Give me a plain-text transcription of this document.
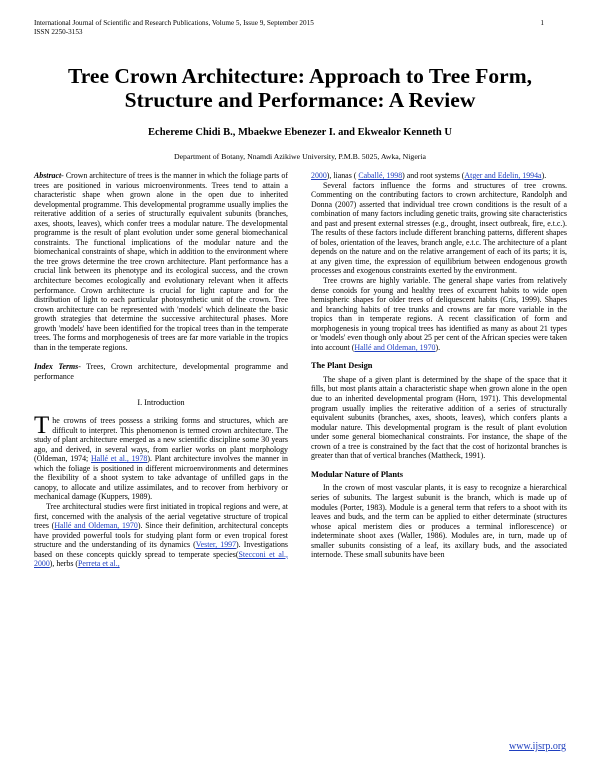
International Journal of Scientific and Research Publications, Volume 5, Issue 9, September 2015
ISSN 2250-3153
1
Tree Crown Architecture: Approach to Tree Form,
Structure and Performance: A Review
Echereme Chidi B., Mbaekwe Ebenezer I. and Ekwealor Kenneth U
Department of Botany, Nnamdi Azikiwe University, P.M.B. 5025, Awka, Nigeria

Abstract- Crown architecture of trees is the manner in which the foliage parts of trees are positioned in various microenvironments. Trees tend to attain a characteristic shape when grown alone in the open due to inherited developmental programme. This developmental programme usually implies the reiterative addition of a series of structurally equivalent subunits (branches, axes, shoots, leaves), which confer trees a modular nature. The developmental programme is the result of plant evolution under some general biomechanical constraints. The functional implications of the modular nature and the biomechanical constraints of shape, which in addition to the environment where the tree grows determine the tree crown architecture. Plant performance has a crucial link between its phenotype and its ecological success, and the crown architecture becomes ecologically and evolutionary relevant when it affects performance. Crown architecture is crucial for light capture and for the distribution of light to each particular photosynthetic unit of the crown. Tree crown architecture can be represented with 'models' which delineate the basic growth strategies that determine the successive architectural phases. More growth 'models' have been identified for the tropical trees than in the temperate trees. The forms and morphogenesis of trees are far more variable in the tropics than in the temperate regions.

Index Terms- Trees, Crown architecture, developmental programme and performance

I. Introduction

The crowns of trees possess a striking forms and structures, which are difficult to interpret. This phenomenon is termed crown architecture. The study of plant architecture emerged as a new scientific discipline some 30 years ago, and derived, in several ways, from earlier works on plant morphology (Oldeman, 1974; Hallé et al., 1978). Plant architecture involves the manner in which the foliage is positioned in different microenvironments and determines the flexibility of a shoot system to take advantage of unfilled gaps in the canopy, to allocate and utilize assimilates, and to recover from herbivory or mechanical damage (Kuppers, 1989).

Tree architectural studies were first initiated in tropical regions and were, at first, concerned with the analysis of the aerial vegetative structure of tropical trees (Hallé and Oldeman, 1970). Since their definition, architectural concepts have provided powerful tools for studying plant form or even tropical forest structure and the understanding of its dynamics (Vester, 1997). Investigations based on these concepts quickly spread to temperate species(Stecconi et al., 2000), herbs (Perreta et al.,

2000), lianas ( Caballé, 1998) and root systems (Atger and Edelin, 1994a).

Several factors influence the forms and structures of tree crowns. Commenting on the contributing factors to crown architecture, Randolph and Donna (2007) asserted that individual tree crown conditions is the result of a combination of many factors including genetic traits, growing site characteristics and past and present external stresses (e.g., drought, insect outbreak, fire, e.t.c.). The results of these factors include different branching patterns, different shapes of boles, orientation of the leaves, branch angle, e.t.c. The architecture of a plant depends on the nature and on the relative arrangement of each of its parts; it is, at any given time, the expression of equilibrium between endogenous growth processes and exogenous constraints exerted by the environment.

Tree crowns are highly variable. The general shape varies from relatively dense conoids for young and healthy trees of excurrent habits to wide open hemispheric shapes for older trees of deliquescent habits (Cris, 1999). Shapes and branching habits of tree trunks and crowns are far more variable in the tropics than in temperate regions. A recent classification of form and morphogenesis in young tropical trees has identified as many as about 21 types or 'models' even though only about 25 per cent of the African species were taken into account (Hallé and Oldeman, 1970).

The Plant Design

The shape of a given plant is determined by the shape of the space that it fills, but most plants attain a characteristic shape when grown alone in the open due to an inherited developmental program (Horn, 1971). This developmental program usually implies the reiterative addition of a series of structurally equivalent subunits (branches, axes, shoots, leaves), which confers plants a modular nature. This developmental program is the result of plant evolution under some general biomechanical constraints. For instance, the shape of the crown of a tree is constrained by the fact that the cost of horizontal branches is greater than that of vertical branches (Mattheck, 1991).

Modular Nature of Plants

In the crown of most vascular plants, it is easy to recognize a hierarchical series of subunits. The largest subunit is the branch, which is made up of modules (Porter, 1983). Module is a general term that refers to a shoot with its leaves and buds, and the term can be applied to either determinate (structures whose apical meristem dies or produces a terminal inflorescence) or indeterminate shoot axes (Waller, 1986). Modules are, in turn, made up of smaller subunits consisting of a leaf, its axillary buds, and the associated internode. These small subunits have been

www.ijsrp.org
